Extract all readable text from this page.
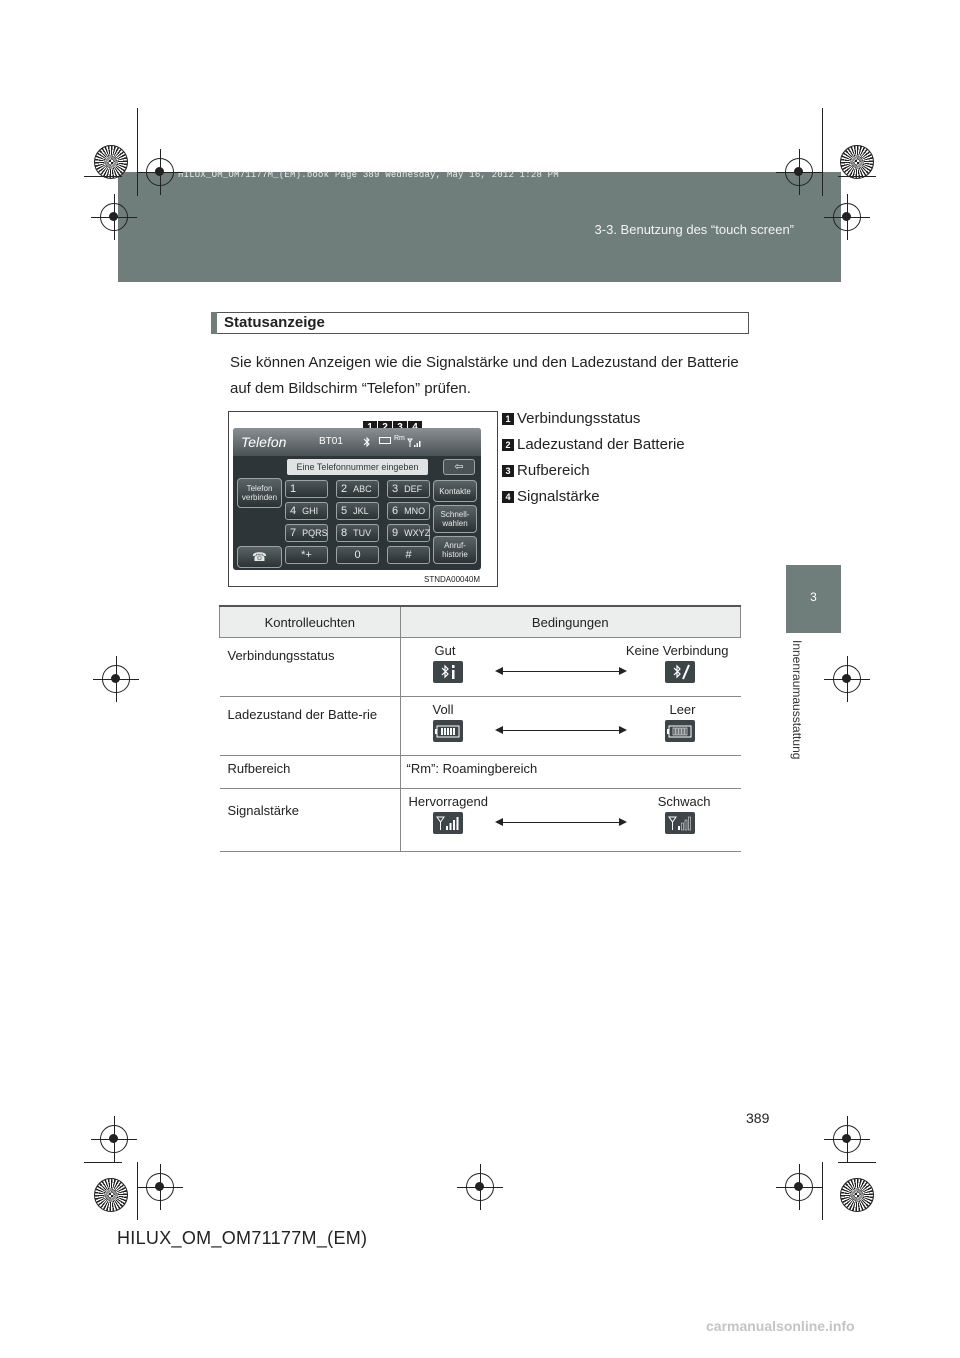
HILUX_OM_OM71177M_(EM).book Page 389 Wednesday, May 16, 2012 1:28 PM
3-3. Benutzung des “touch screen”
3
Innenraumausstattung
Statusanzeige
Sie können Anzeigen wie die Signalstärke und den Ladezustand der Batterie auf dem Bildschirm “Telefon” prüfen.
Telefon	BT01	Rm
Eine Telefonnummer eingeben	⇦
Telefon verbinden
☎
1	2 ABC	3 DEF
4 GHI	5 JKL	6 MNO
7 PQRS	8 TUV	9 WXYZ
*+	0	#
Kontakte
Schnell-wahlen
Anruf-historie
STNDA00040M
1 Verbindungsstatus
2 Ladezustand der Batterie
3 Rufbereich
4 Signalstärke
Kontrolleuchten	Bedingungen
Verbindungsstatus	Gut Keine Verbindung

Ladezustand der Batte-rie	Voll Leer

Rufbereich	“Rm”: Roamingbereich
Signalstärke	Hervorragend Schwach
389
HILUX_OM_OM71177M_(EM)
carmanualsonline.info
